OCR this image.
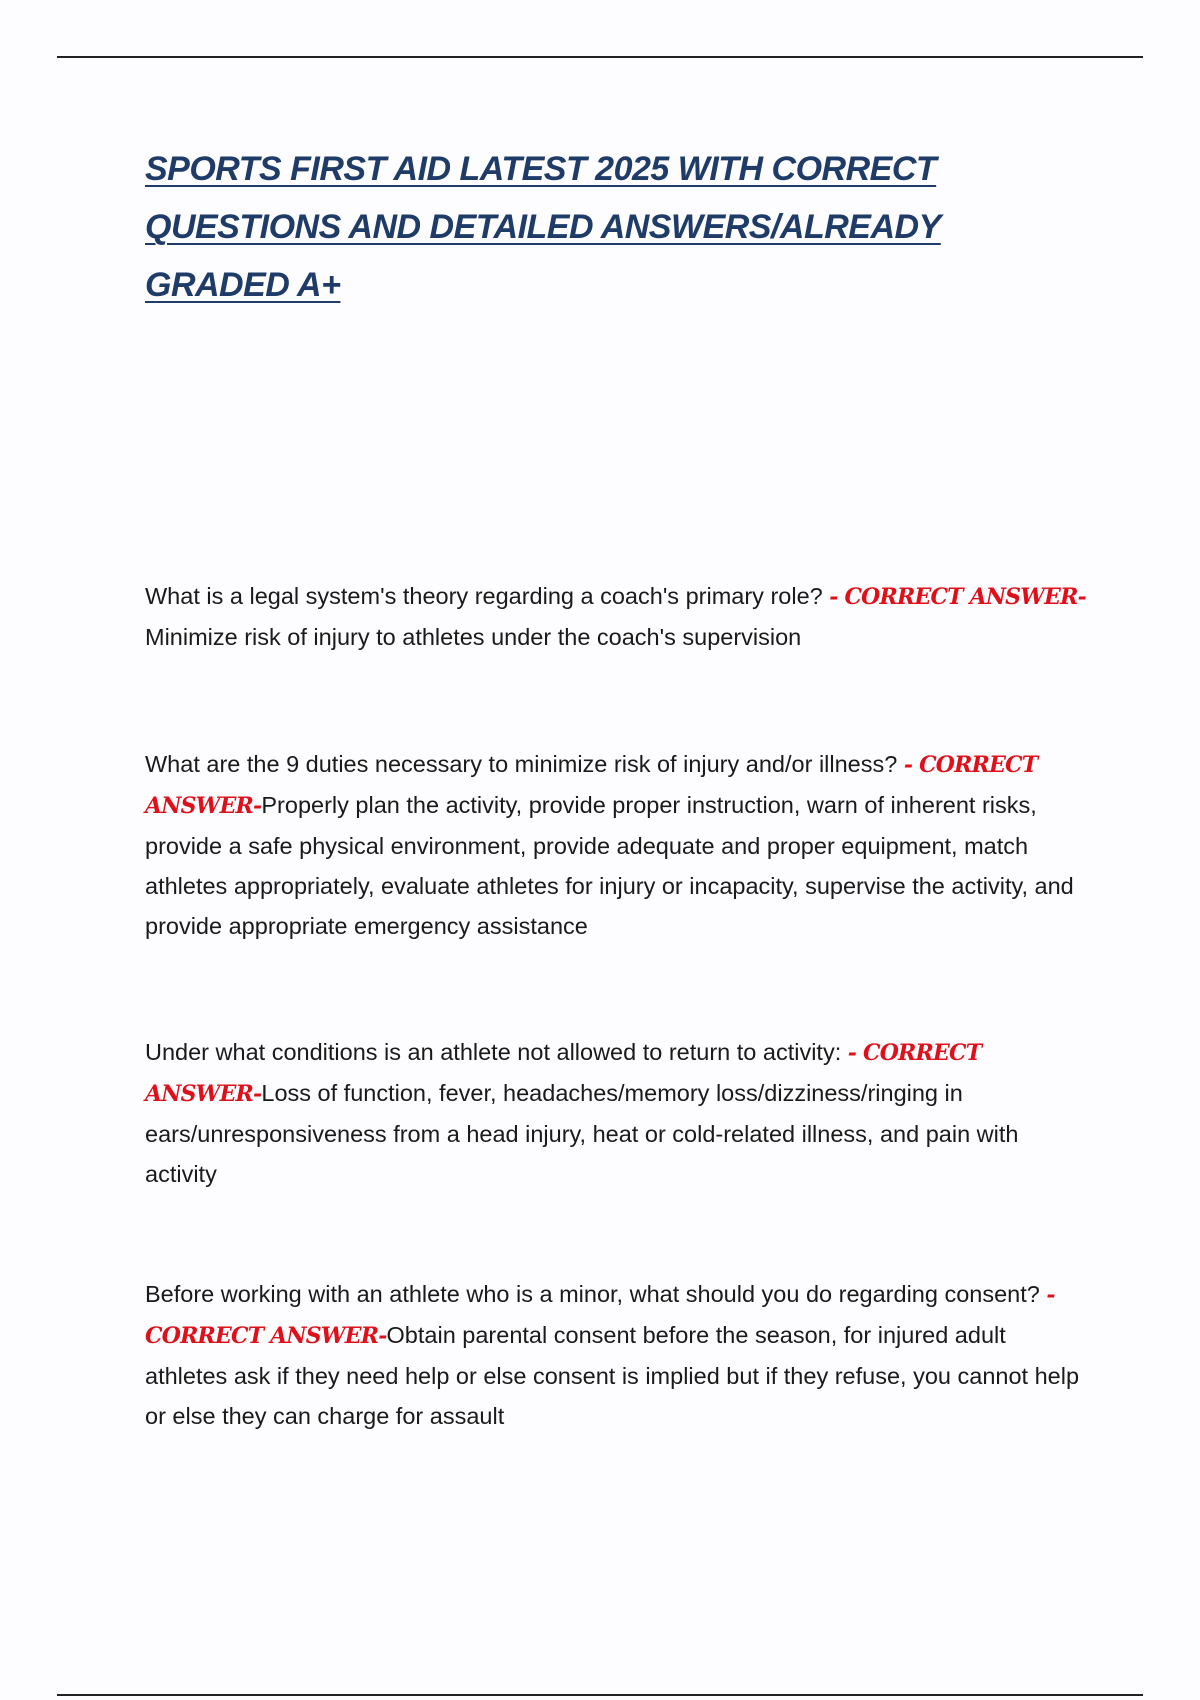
SPORTS FIRST AID LATEST 2025 WITH CORRECT QUESTIONS AND DETAILED ANSWERS/ALREADY GRADED A+

What is a legal system's theory regarding a coach's primary role? - CORRECT ANSWER-Minimize risk of injury to athletes under the coach's supervision

What are the 9 duties necessary to minimize risk of injury and/or illness? - CORRECT ANSWER-Properly plan the activity, provide proper instruction, warn of inherent risks, provide a safe physical environment, provide adequate and proper equipment, match athletes appropriately, evaluate athletes for injury or incapacity, supervise the activity, and provide appropriate emergency assistance

Under what conditions is an athlete not allowed to return to activity: - CORRECT ANSWER-Loss of function, fever, headaches/memory loss/dizziness/ringing in ears/unresponsiveness from a head injury, heat or cold-related illness, and pain with activity

Before working with an athlete who is a minor, what should you do regarding consent? - CORRECT ANSWER-Obtain parental consent before the season, for injured adult athletes ask if they need help or else consent is implied but if they refuse, you cannot help or else they can charge for assault
